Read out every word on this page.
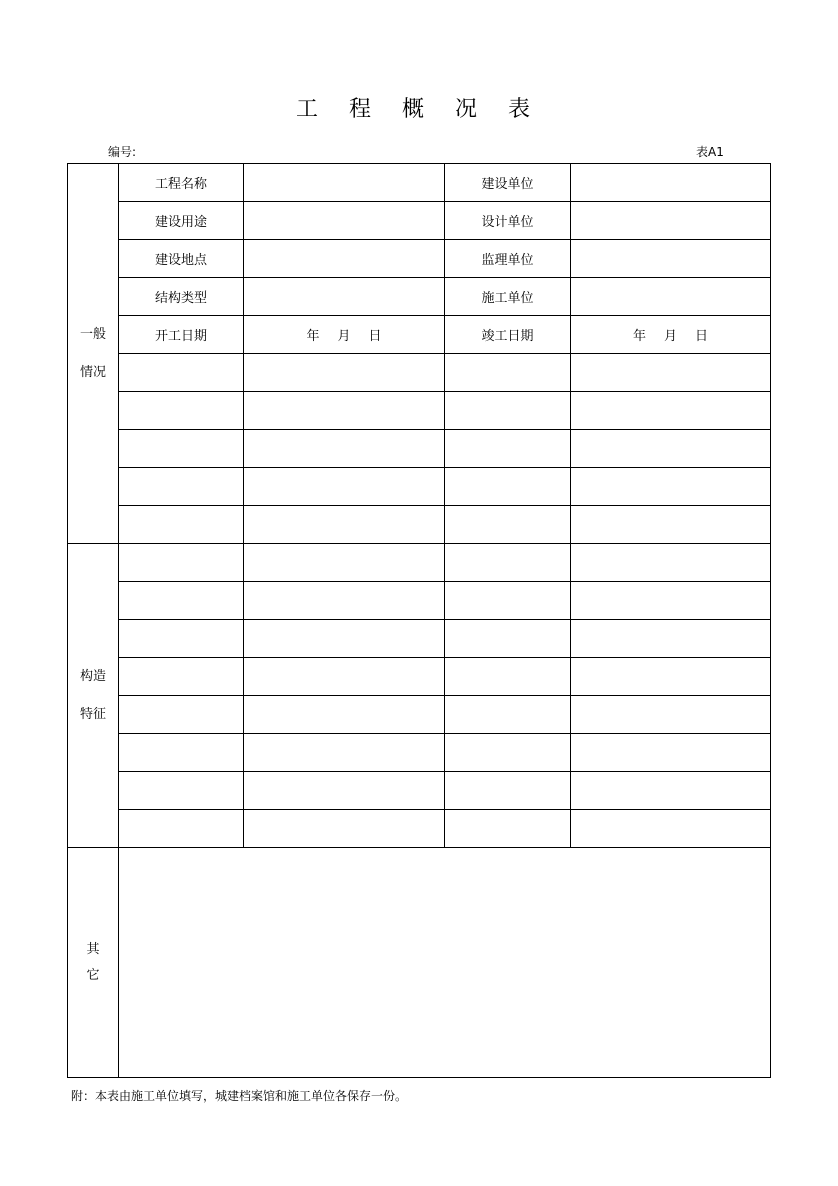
工 程 概 况 表
编号:	表A1
一般
情况	工程名称		建设单位	
	建设用途		设计单位	
	建设地点		监理单位	
	结构类型		施工单位	
	开工日期	年 月 日	竣工日期	年 月 日

构造
特征				

其
它				

附：本表由施工单位填写，城建档案馆和施工单位各保存一份。
